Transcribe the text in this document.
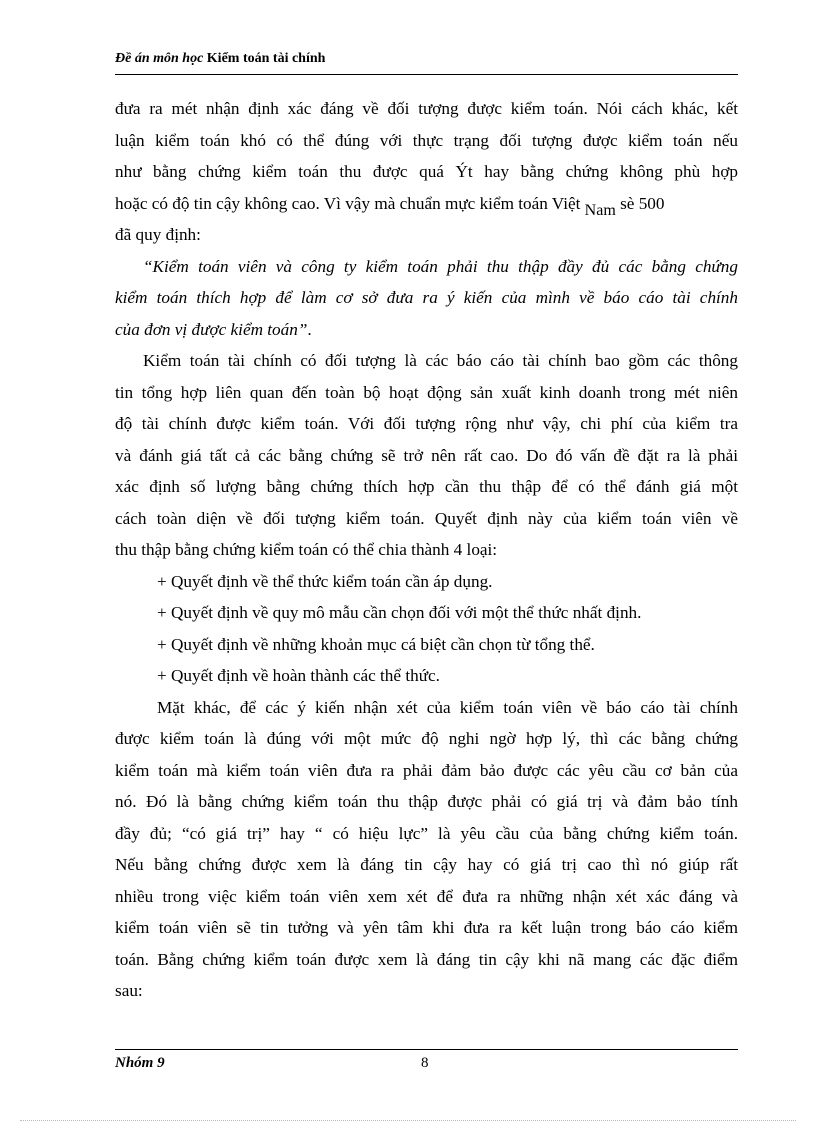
Đề án môn học Kiểm toán tài chính
đưa ra mét nhận định xác đáng về đối tượng được kiểm toán. Nói cách khác, kết
luận kiểm toán khó có thể đúng với thực trạng đối tượng được kiểm toán nếu
như bằng chứng kiểm toán thu được quá Ýt hay bằng chứng không phù hợp
hoặc có độ tin cậy không cao. Vì vậy mà chuẩn mực kiểm toán Việt Nam sè 500
đã quy định:
“Kiểm toán viên và công ty kiểm toán phải thu thập đầy đủ các bằng chứng
kiểm toán thích hợp để làm cơ sở đưa ra ý kiến của mình về báo cáo tài chính
của đơn vị được kiểm toán”.
Kiểm toán tài chính có đối tượng là các báo cáo tài chính bao gồm các thông
tin tổng hợp liên quan đến toàn bộ hoạt động sản xuất kinh doanh trong mét niên
độ tài chính được kiểm toán. Với đối tượng rộng như vậy, chi phí của kiểm tra
và đánh giá tất cả các bằng chứng sẽ trở nên rất cao. Do đó vấn đề đặt ra là phải
xác định số lượng bằng chứng thích hợp cần thu thập để có thể đánh giá một
cách toàn diện về đối tượng kiểm toán. Quyết định này của kiểm toán viên về
thu thập bằng chứng kiểm toán có thể chia thành 4 loại:
+ Quyết định về thể thức kiểm toán cần áp dụng.
+ Quyết định về quy mô mẫu cần chọn đối với một thể thức nhất định.
+ Quyết định về những khoản mục cá biệt cần chọn từ tổng thể.
+ Quyết định về hoàn thành các thể thức.
Mặt khác, để các ý kiến nhận xét của kiểm toán viên về báo cáo tài chính
được kiểm toán là đúng với một mức độ nghi ngờ hợp lý, thì các bằng chứng
kiểm toán mà kiểm toán viên đưa ra phải đảm bảo được các yêu cầu cơ bản của
nó. Đó là bằng chứng kiểm toán thu thập được phải có giá trị và đảm bảo tính
đầy đủ; “có giá trị” hay “ có hiệu lực” là yêu cầu của bằng chứng kiểm toán.
Nếu bằng chứng được xem là đáng tin cậy hay có giá trị cao thì nó giúp rất
nhiều trong việc kiểm toán viên xem xét để đưa ra những nhận xét xác đáng và
kiểm toán viên sẽ tin tưởng và yên tâm khi đưa ra kết luận trong báo cáo kiểm
toán. Bằng chứng kiểm toán được xem là đáng tin cậy khi nã mang các đặc điểm
sau:
Nhóm 9	8
